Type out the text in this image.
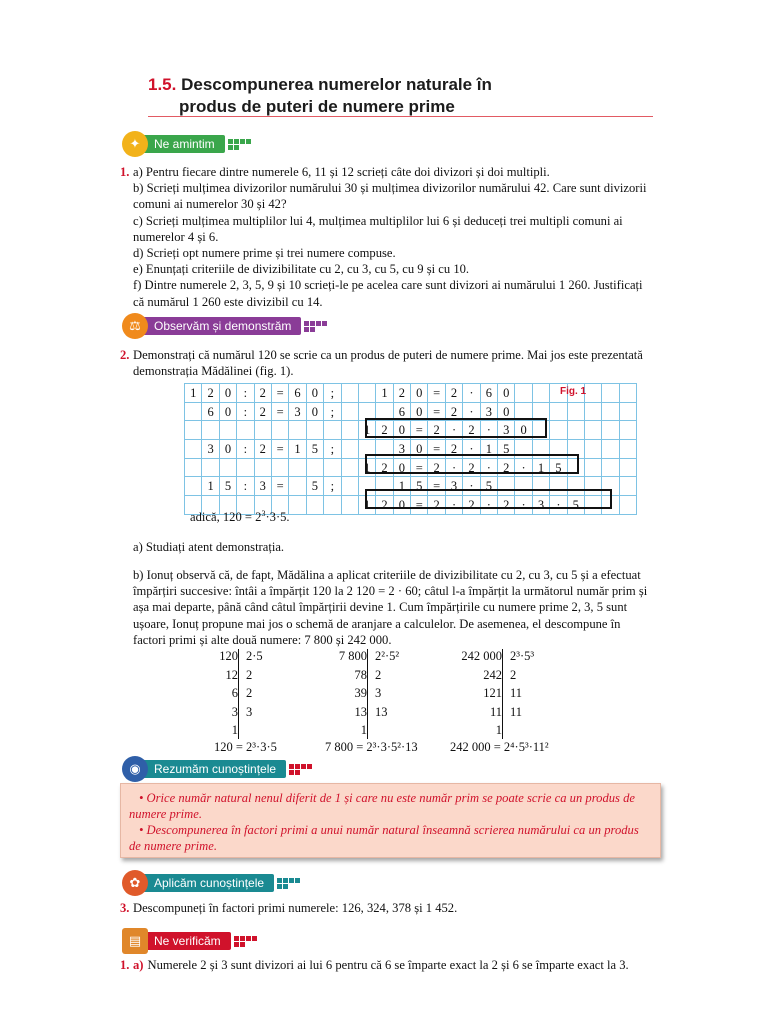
1.5. Descompunerea numerelor naturale în
produs de puteri de numere prime
✦	Ne amintim
1. a) Pentru fiecare dintre numerele 6, 11 și 12 scrieți câte doi divizori și doi multipli.

b) Scrieți mulțimea divizorilor numărului 30 și mulțimea divizorilor numărului 42. Care sunt divizorii

comuni ai numerelor 30 și 42?

c) Scrieți mulțimea multiplilor lui 4, mulțimea multiplilor lui 6 și deduceți trei multipli comuni ai

numerelor 4 și 6.

d) Scrieți opt numere prime și trei numere compuse.

e) Enunțați criteriile de divizibilitate cu 2, cu 3, cu 5, cu 9 și cu 10.

f) Dintre numerele 2, 3, 5, 9 și 10 scrieți-le pe acelea care sunt divizori ai numărului 1 260. Justificați

că numărul 1 260 este divizibil cu 14.

⚖	Observăm și demonstrăm
2. Demonstrați că numărul 120 se scrie ca un produs de puteri de numere prime. Mai jos este prezentată

demonstrația Mădălinei (fig. 1).

1	2	0	:	2	=	6	0	;			1	2	0	=	2	·	6	0							
	6	0	:	2	=	3	0	;				6	0	=	2	·	3	0							
										1	2	0	=	2	·	2	·	3	0						
	3	0	:	2	=	1	5	;				3	0	=	2	·	1	5							
										1	2	0	=	2	·	2	·	2	·	1	5				
	1	5	:	3	=		5	;				1	5	=	3	·	5								
										1	2	0	=	2	·	2	·	2	·	3	·	5			
Fig. 1
adică, $120 = 2^3\cdot 3\cdot 5$.
a) Studiați atent demonstrația.

b) Ionuț observă că, de fapt, Mădălina a aplicat criteriile de divizibilitate cu 2, cu 3, cu 5 și a efectuat

împărțiri succesive: întâi a împărțit 120 la 2 120 = 2 · 60; câtul l-a împărțit la următorul număr prim și

așa mai departe, până când câtul împărțirii devine 1. Cum împărțirile cu numere prime 2, 3, 5 sunt

ușoare, Ionuț propune mai jos o schemă de aranjare a calculelor. De asemenea, el descompune în

factori primi și alte două numere: 7 800 și 242 000.

120 2·5
12 2
6 2
3 3
1
120 = 2³·3·5
7 800 2²·5²
78 2
39 3
13 13
1
7 800 = 2³·3·5²·13
242 000 2³·5³
242 2
121 11
11 11
1
242 000 = 2⁴·5³·11²
◉	Rezumăm cunoștințele

• Orice număr natural nenul diferit de 1 și care nu este număr prim se poate scrie ca un produs de

numere prime.

• Descompunerea în factori primi a unui număr natural înseamnă scrierea numărului ca un produs

de numere prime.

✿	Aplicăm cunoștințele
3. Descompuneți în factori primi numerele: 126, 324, 378 și 1 452.
▤	Ne verificăm
1. a) Numerele 2 și 3 sunt divizori ai lui 6 pentru că 6 se împarte exact la 2 și 6 se împarte exact la 3.
